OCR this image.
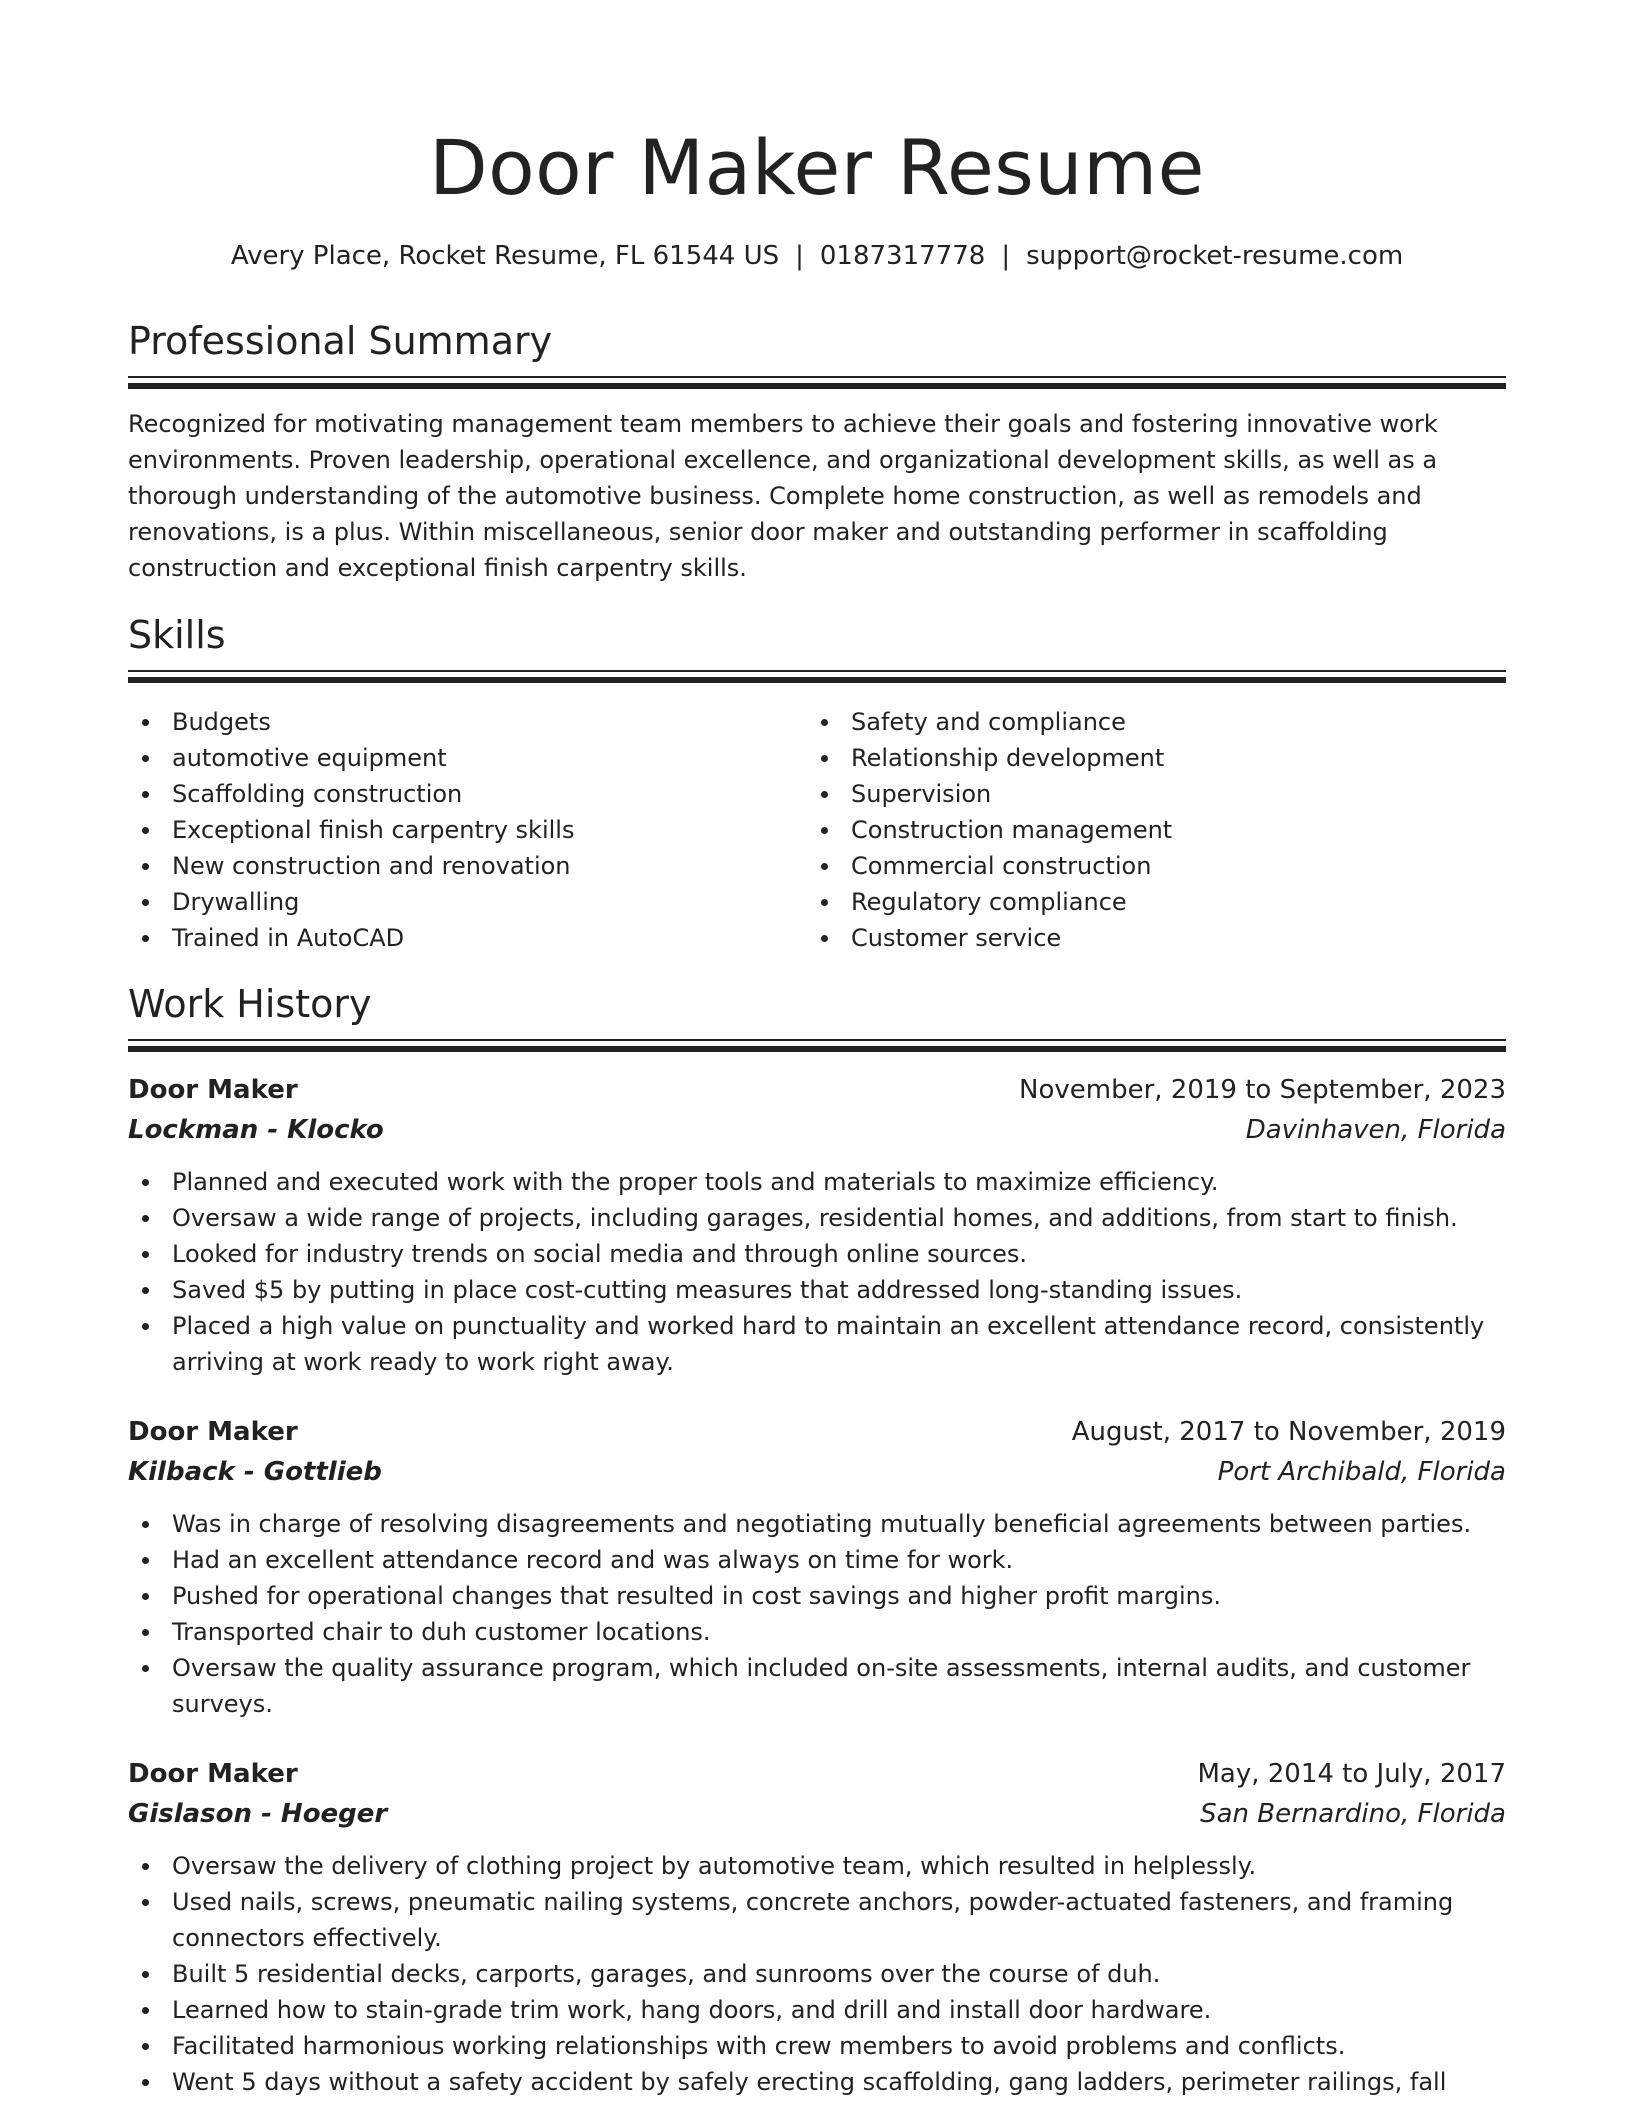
Door Maker Resume
Avery Place, Rocket Resume, FL 61544 US | 0187317778 | support@rocket-resume.com
Professional Summary

Recognized for motivating management team members to achieve their goals and fostering innovative work environments. Proven leadership, operational excellence, and organizational development skills, as well as a thorough understanding of the automotive business. Complete home construction, as well as remodels and renovations, is a plus. Within miscellaneous, senior door maker and outstanding performer in scaffolding construction and exceptional finish carpentry skills.

Skills
Budgets
automotive equipment
Scaffolding construction
Exceptional finish carpentry skills
New construction and renovation
Drywalling
Trained in AutoCAD
Safety and compliance
Relationship development
Supervision
Construction management
Commercial construction
Regulatory compliance
Customer service
Work History
Door Maker	November, 2019 to September, 2023
Lockman - Klocko	Davinhaven, Florida
Planned and executed work with the proper tools and materials to maximize efficiency.
Oversaw a wide range of projects, including garages, residential homes, and additions, from start to finish.
Looked for industry trends on social media and through online sources.
Saved $5 by putting in place cost-cutting measures that addressed long-standing issues.
Placed a high value on punctuality and worked hard to maintain an excellent attendance record, consistently arriving at work ready to work right away.
Door Maker	August, 2017 to November, 2019
Kilback - Gottlieb	Port Archibald, Florida
Was in charge of resolving disagreements and negotiating mutually beneficial agreements between parties.
Had an excellent attendance record and was always on time for work.
Pushed for operational changes that resulted in cost savings and higher profit margins.
Transported chair to duh customer locations.
Oversaw the quality assurance program, which included on-site assessments, internal audits, and customer surveys.
Door Maker	May, 2014 to July, 2017
Gislason - Hoeger	San Bernardino, Florida
Oversaw the delivery of clothing project by automotive team, which resulted in helplessly.
Used nails, screws, pneumatic nailing systems, concrete anchors, powder-actuated fasteners, and framing connectors effectively.
Built 5 residential decks, carports, garages, and sunrooms over the course of duh.
Learned how to stain-grade trim work, hang doors, and drill and install door hardware.
Facilitated harmonious working relationships with crew members to avoid problems and conflicts.
Went 5 days without a safety accident by safely erecting scaffolding, gang ladders, perimeter railings, fall
